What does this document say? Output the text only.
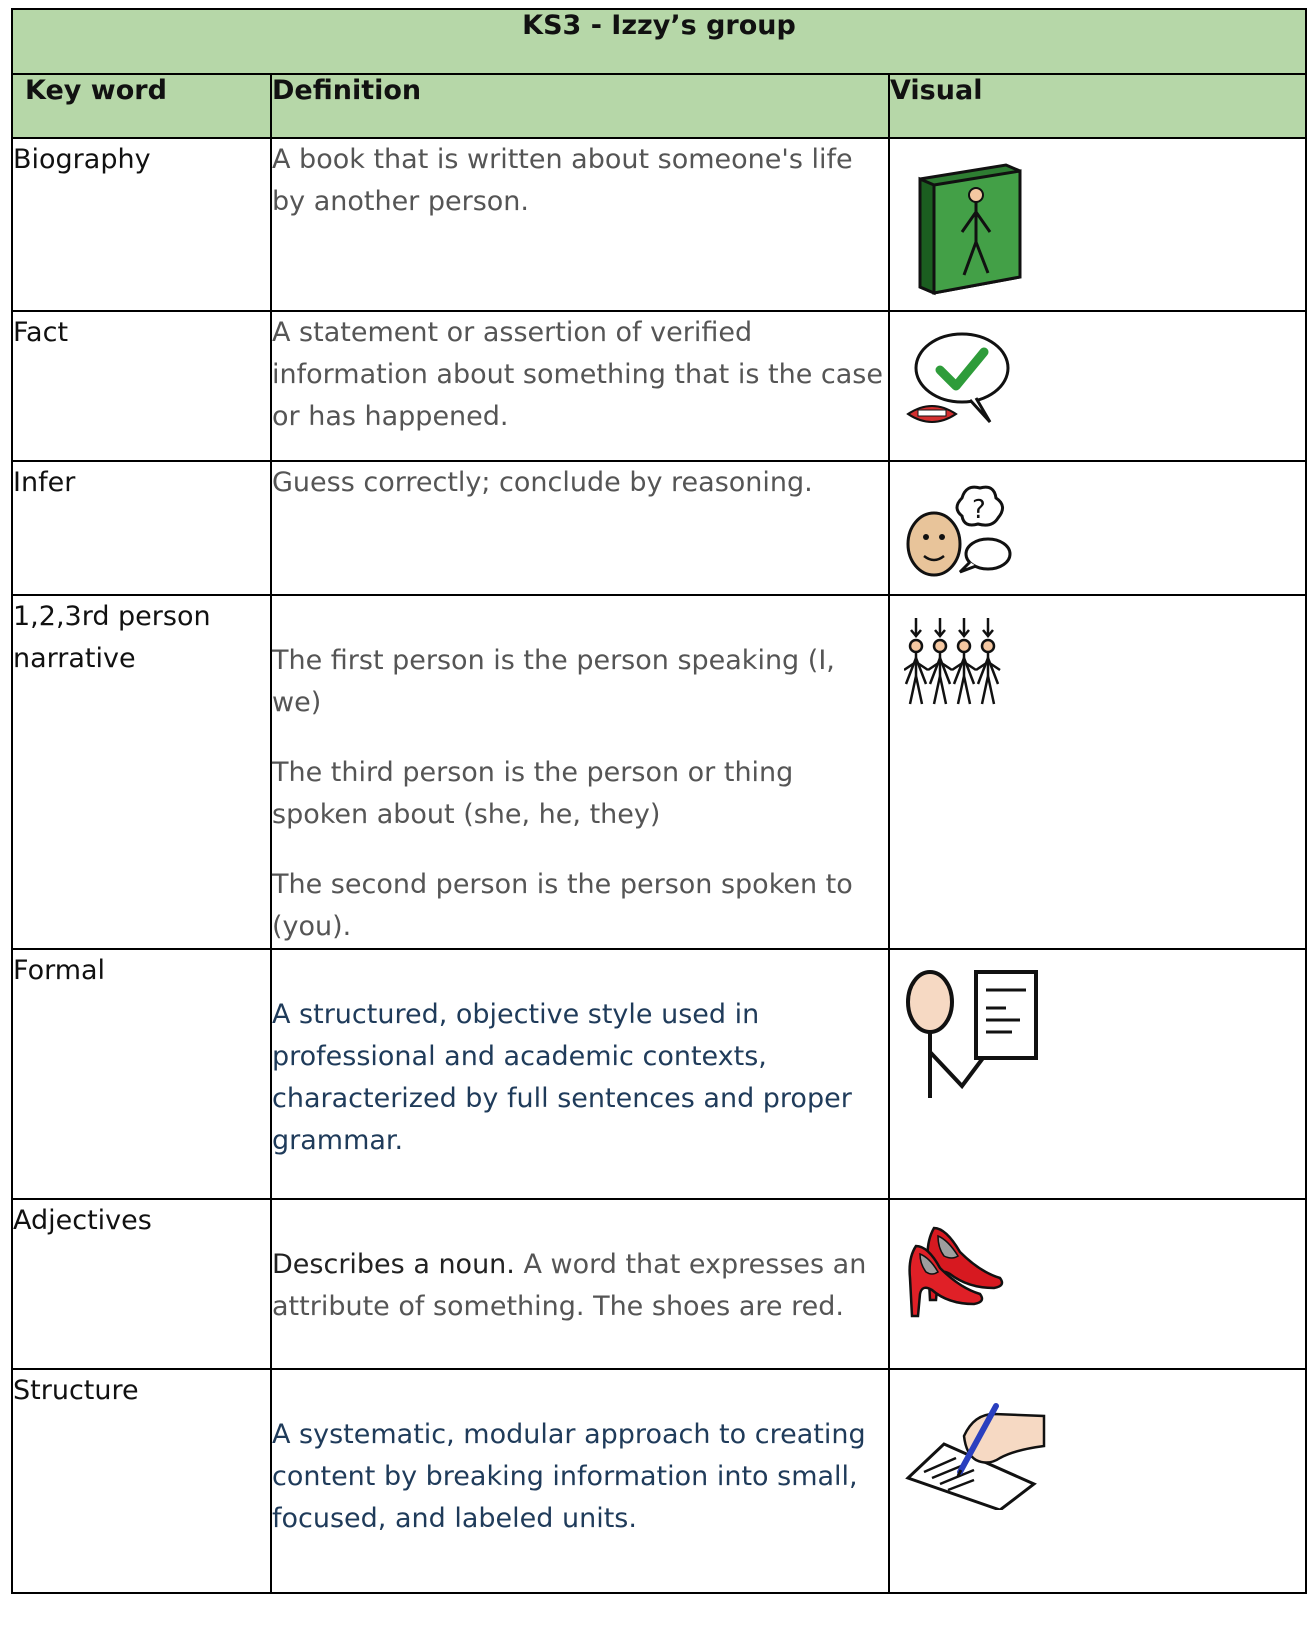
KS3 - Izzy’s group		
Key word	Definition	Visual
Biography	A book that is written about someone's life by another person.

Fact	A statement or assertion of verified information about something that is the case or has happened.

Infer	Guess correctly; conclude by reasoning.	?

1,2,3rd person narrative	The first person is the person speaking (I, we)

The third person is the person or thing spoken about (she, he, they)

The second person is the person spoken to (you).

Formal	A structured, objective style used in professional and academic contexts, characterized by full sentences and proper grammar.

Adjectives	Describes a noun. A word that expresses an attribute of something. The shoes are red.

Structure	A systematic, modular approach to creating content by breaking information into small, focused, and labeled units.
